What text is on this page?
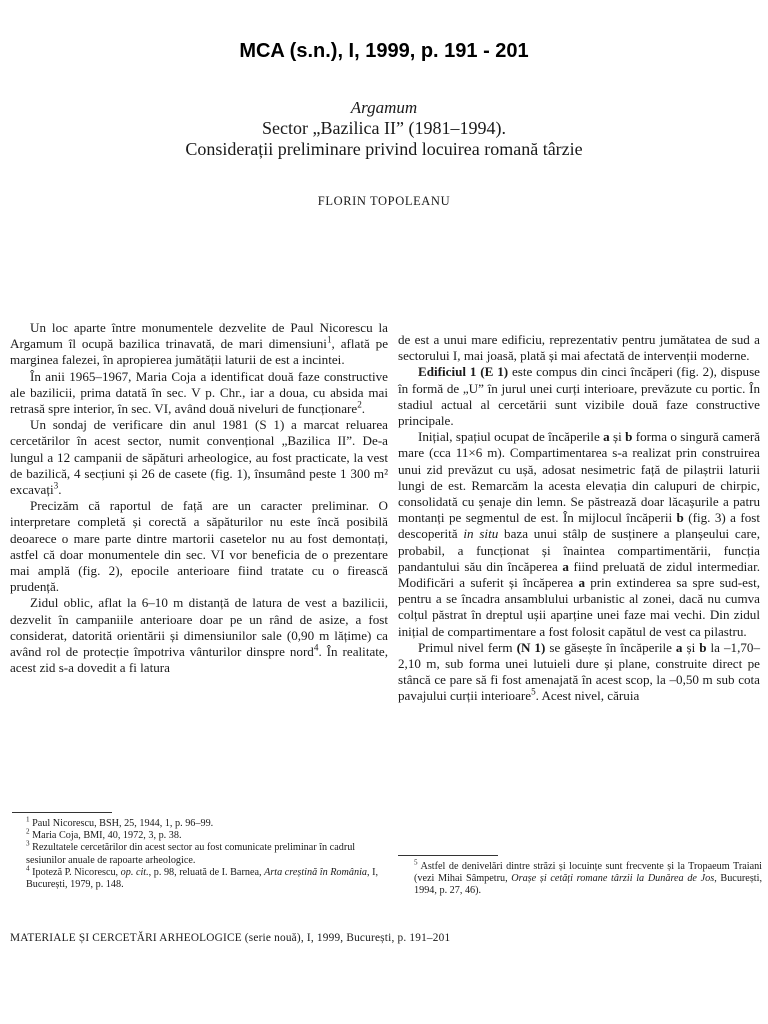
MCA (s.n.), I, 1999, p. 191 - 201
Argamum
Sector „Bazilica II” (1981–1994).
Considerații preliminare privind locuirea romană târzie
FLORIN TOPOLEANU

Un loc aparte între monumentele dezvelite de Paul Nicorescu la Argamum îl ocupă bazilica trinavată, de mari dimensiuni$^1$, aflată pe marginea falezei, în apropierea jumătății laturii de est a incintei.

În anii 1965–1967, Maria Coja a identificat două faze constructive ale bazilicii, prima datată în sec. V p. Chr., iar a doua, cu absida mai retrasă spre interior, în sec. VI, având două niveluri de funcționare$^2$.

Un sondaj de verificare din anul 1981 (S 1) a marcat reluarea cercetărilor în acest sector, numit convențional „Bazilica II”. De-a lungul a 12 campanii de săpături arheologice, au fost practicate, la vest de bazilică, 4 secțiuni și 26 de casete (fig. 1), însumând peste 1 300 m² excavați$^3$.

Precizăm că raportul de față are un caracter preliminar. O interpretare completă și corectă a săpăturilor nu este încă posibilă deoarece o mare parte dintre martorii casetelor nu au fost demontați, astfel că doar monumentele din sec. VI vor beneficia de o prezentare mai amplă (fig. 2), epocile anterioare fiind tratate cu o firească prudență.

Zidul oblic, aflat la 6–10 m distanță de latura de vest a bazilicii, dezvelit în campaniile anterioare doar pe un rând de asize, a fost considerat, datorită orientării și dimensiunilor sale (0,90 m lățime) ca având rol de protecție împotriva vânturilor dinspre nord$^4$. În realitate, acest zid s-a dovedit a fi latura

de est a unui mare edificiu, reprezentativ pentru jumătatea de sud a sectorului I, mai joasă, plată și mai afectată de intervenții moderne.

Edificiul 1 (E 1) este compus din cinci încăperi (fig. 2), dispuse în formă de „U” în jurul unei curți interioare, prevăzute cu portic. În stadiul actual al cercetării sunt vizibile două faze constructive principale.

Inițial, spațiul ocupat de încăperile a și b forma o singură cameră mare (cca 11×6 m). Compartimentarea s-a realizat prin construirea unui zid prevăzut cu ușă, adosat nesimetric față de pilaștrii laturii lungi de est. Remarcăm la acesta elevația din calupuri de chirpic, consolidată cu șenaje din lemn. Se păstrează doar lăcașurile a patru montanți pe segmentul de est. În mijlocul încăperii b (fig. 3) a fost descoperită in situ baza unui stâlp de susținere a planșeului care, probabil, a funcționat și înaintea compartimentării, funcția pandantului său din încăperea a fiind preluată de zidul intermediar. Modificări a suferit și încăperea a prin extinderea sa spre sud-est, pentru a se încadra ansamblului urbanistic al zonei, dacă nu cumva colțul păstrat în dreptul ușii aparține unei faze mai vechi. Din zidul inițial de compartimentare a fost folosit capătul de vest ca pilastru.

Primul nivel ferm (N 1) se găsește în încăperile a și b la –1,70–2,10 m, sub forma unei lutuieli dure și plane, construite direct pe stâncă ce pare să fi fost amenajată în acest scop, la –0,50 m sub cota pavajului curții interioare$^5$. Acest nivel, căruia

$^1$ Paul Nicorescu, BSH, 25, 1944, 1, p. 96–99.
$^2$ Maria Coja, BMI, 40, 1972, 3, p. 38.
$^3$ Rezultatele cercetărilor din acest sector au fost comunicate preliminar în cadrul sesiunilor anuale de rapoarte arheologice.
$^4$ Ipoteză P. Nicorescu, op. cit., p. 98, reluată de I. Barnea, Arta creștină în România, I, București, 1979, p. 148.
$^5$ Astfel de denivelări dintre străzi și locuințe sunt frecvente și la Tropaeum Traiani (vezi Mihai Sâmpetru, Orașe și cetăți romane târzii la Dunărea de Jos, București, 1994, p. 27, 46).
MATERIALE ȘI CERCETĂRI ARHEOLOGICE (serie nouă), I, 1999, București, p. 191–201
